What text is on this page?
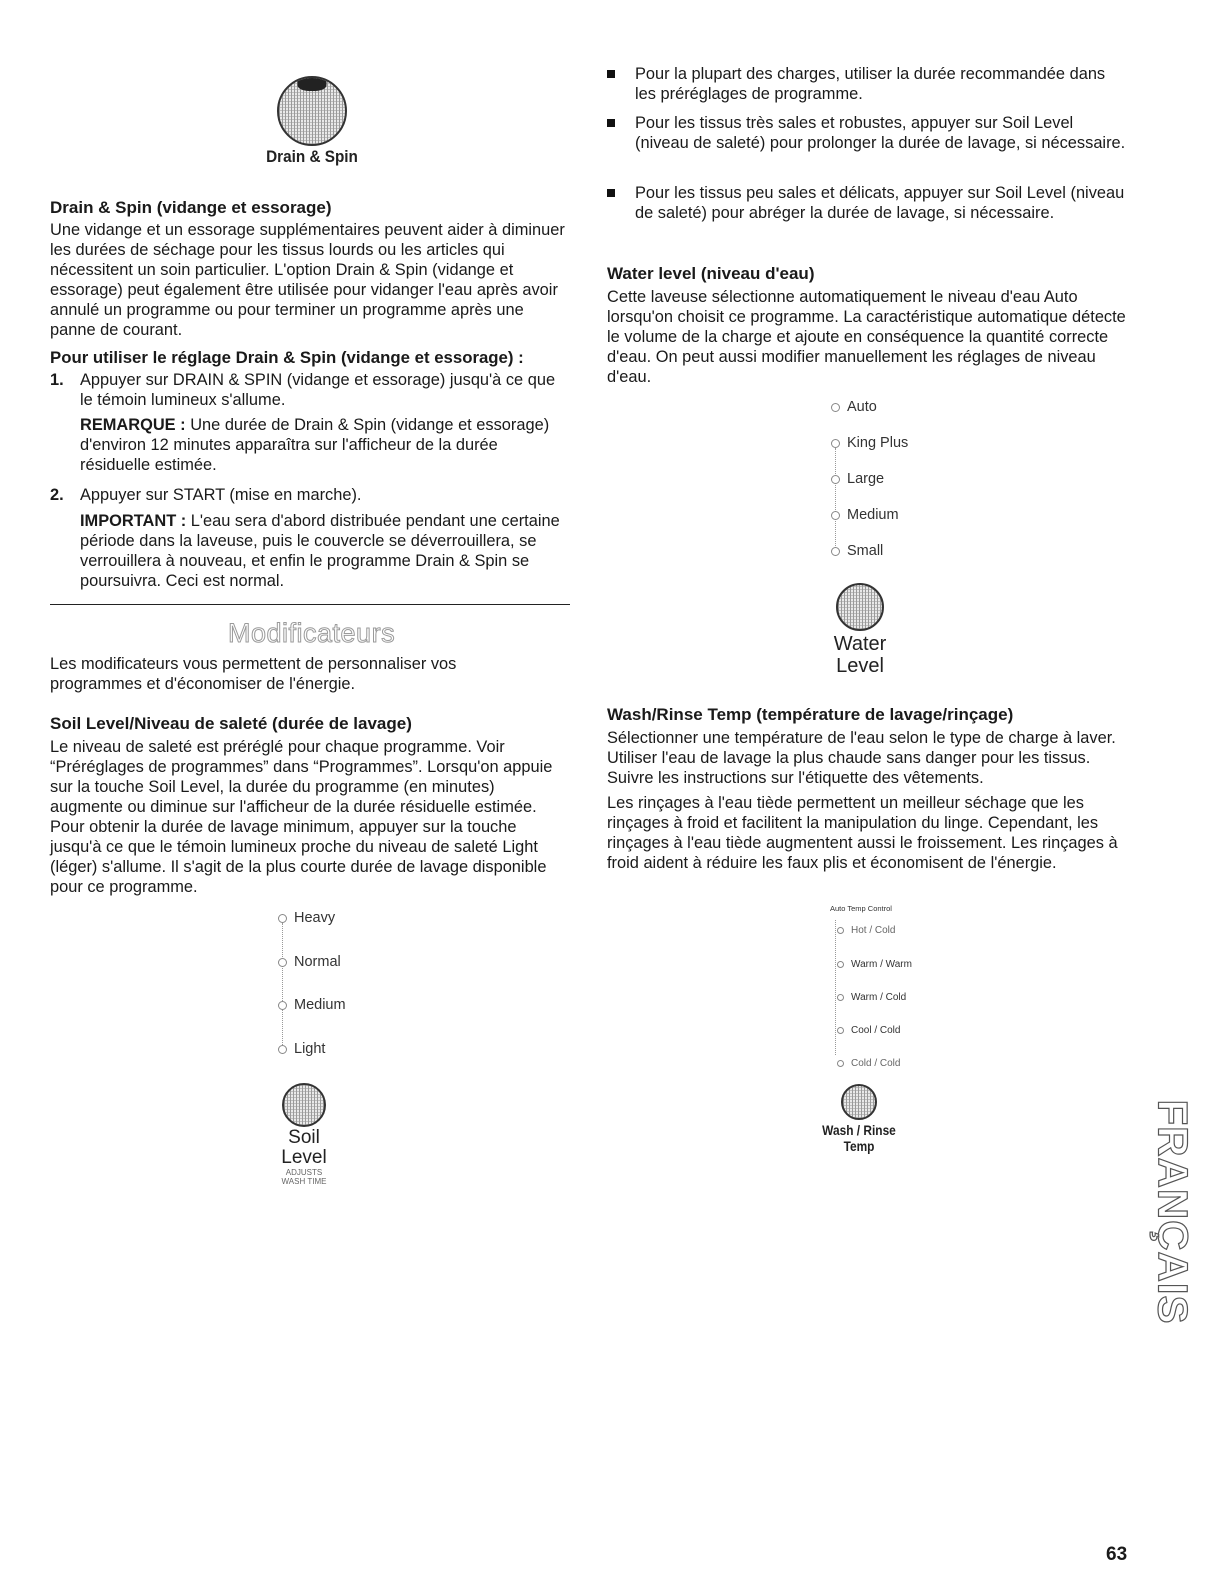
Drain & Spin
Drain & Spin (vidange et essorage)

Une vidange et un essorage supplémentaires peuvent aider à diminuer les durées de séchage pour les tissus lourds ou les articles qui nécessitent un soin particulier. L'option Drain & Spin (vidange et essorage) peut également être utilisée pour vidanger l'eau après avoir annulé un programme ou pour terminer un programme après une panne de courant.

Pour utiliser le réglage Drain & Spin (vidange et essorage) :
1. Appuyer sur DRAIN & SPIN (vidange et essorage) jusqu'à ce que le témoin lumineux s'allume.

REMARQUE : Une durée de Drain & Spin (vidange et essorage) d'environ 12 minutes apparaîtra sur l'afficheur de la durée résiduelle estimée.

2. Appuyer sur START (mise en marche).

IMPORTANT : L'eau sera d'abord distribuée pendant une certaine période dans la laveuse, puis le couvercle se déverrouillera, se verrouillera à nouveau, et enfin le programme Drain & Spin se poursuivra. Ceci est normal.

Modificateurs

Les modificateurs vous permettent de personnaliser vos programmes et d'économiser de l'énergie.

Soil Level/Niveau de saleté (durée de lavage)

Le niveau de saleté est préréglé pour chaque programme. Voir “Préréglages de programmes” dans “Programmes”. Lorsqu'on appuie sur la touche Soil Level, la durée du programme (en minutes) augmente ou diminue sur l'afficheur de la durée résiduelle estimée. Pour obtenir la durée de lavage minimum, appuyer sur la touche jusqu'à ce que le témoin lumineux proche du niveau de saleté Light (léger) s'allume. Il s'agit de la plus courte durée de lavage disponible pour ce programme.

Heavy
Normal
Medium
Light
Soil
Level
ADJUSTS
WASH TIME

Pour la plupart des charges, utiliser la durée recommandée dans les préréglages de programme.

Pour les tissus très sales et robustes, appuyer sur Soil Level (niveau de saleté) pour prolonger la durée de lavage, si nécessaire.

Pour les tissus peu sales et délicats, appuyer sur Soil Level (niveau de saleté) pour abréger la durée de lavage, si nécessaire.

Water level (niveau d'eau)

Cette laveuse sélectionne automatiquement le niveau d'eau Auto lorsqu'on choisit ce programme. La caractéristique automatique détecte le volume de la charge et ajoute en conséquence la quantité correcte d'eau. On peut aussi modifier manuellement les réglages de niveau d'eau.

Auto
King Plus
Large
Medium
Small
Water
Level
Wash/Rinse Temp (température de lavage/rinçage)

Sélectionner une température de l'eau selon le type de charge à laver. Utiliser l'eau de lavage la plus chaude sans danger pour les tissus. Suivre les instructions sur l'étiquette des vêtements.

Les rinçages à l'eau tiède permettent un meilleur séchage que les rinçages à froid et facilitent la manipulation du linge. Cependant, les rinçages à l'eau tiède augmentent aussi le froissement. Les rinçages à froid aident à réduire les faux plis et économisent de l'énergie.

Auto Temp Control
Hot / Cold
Warm / Warm
Warm / Cold
Cool / Cold
Cold / Cold
Wash / Rinse
Temp	FRANÇAIS
63
